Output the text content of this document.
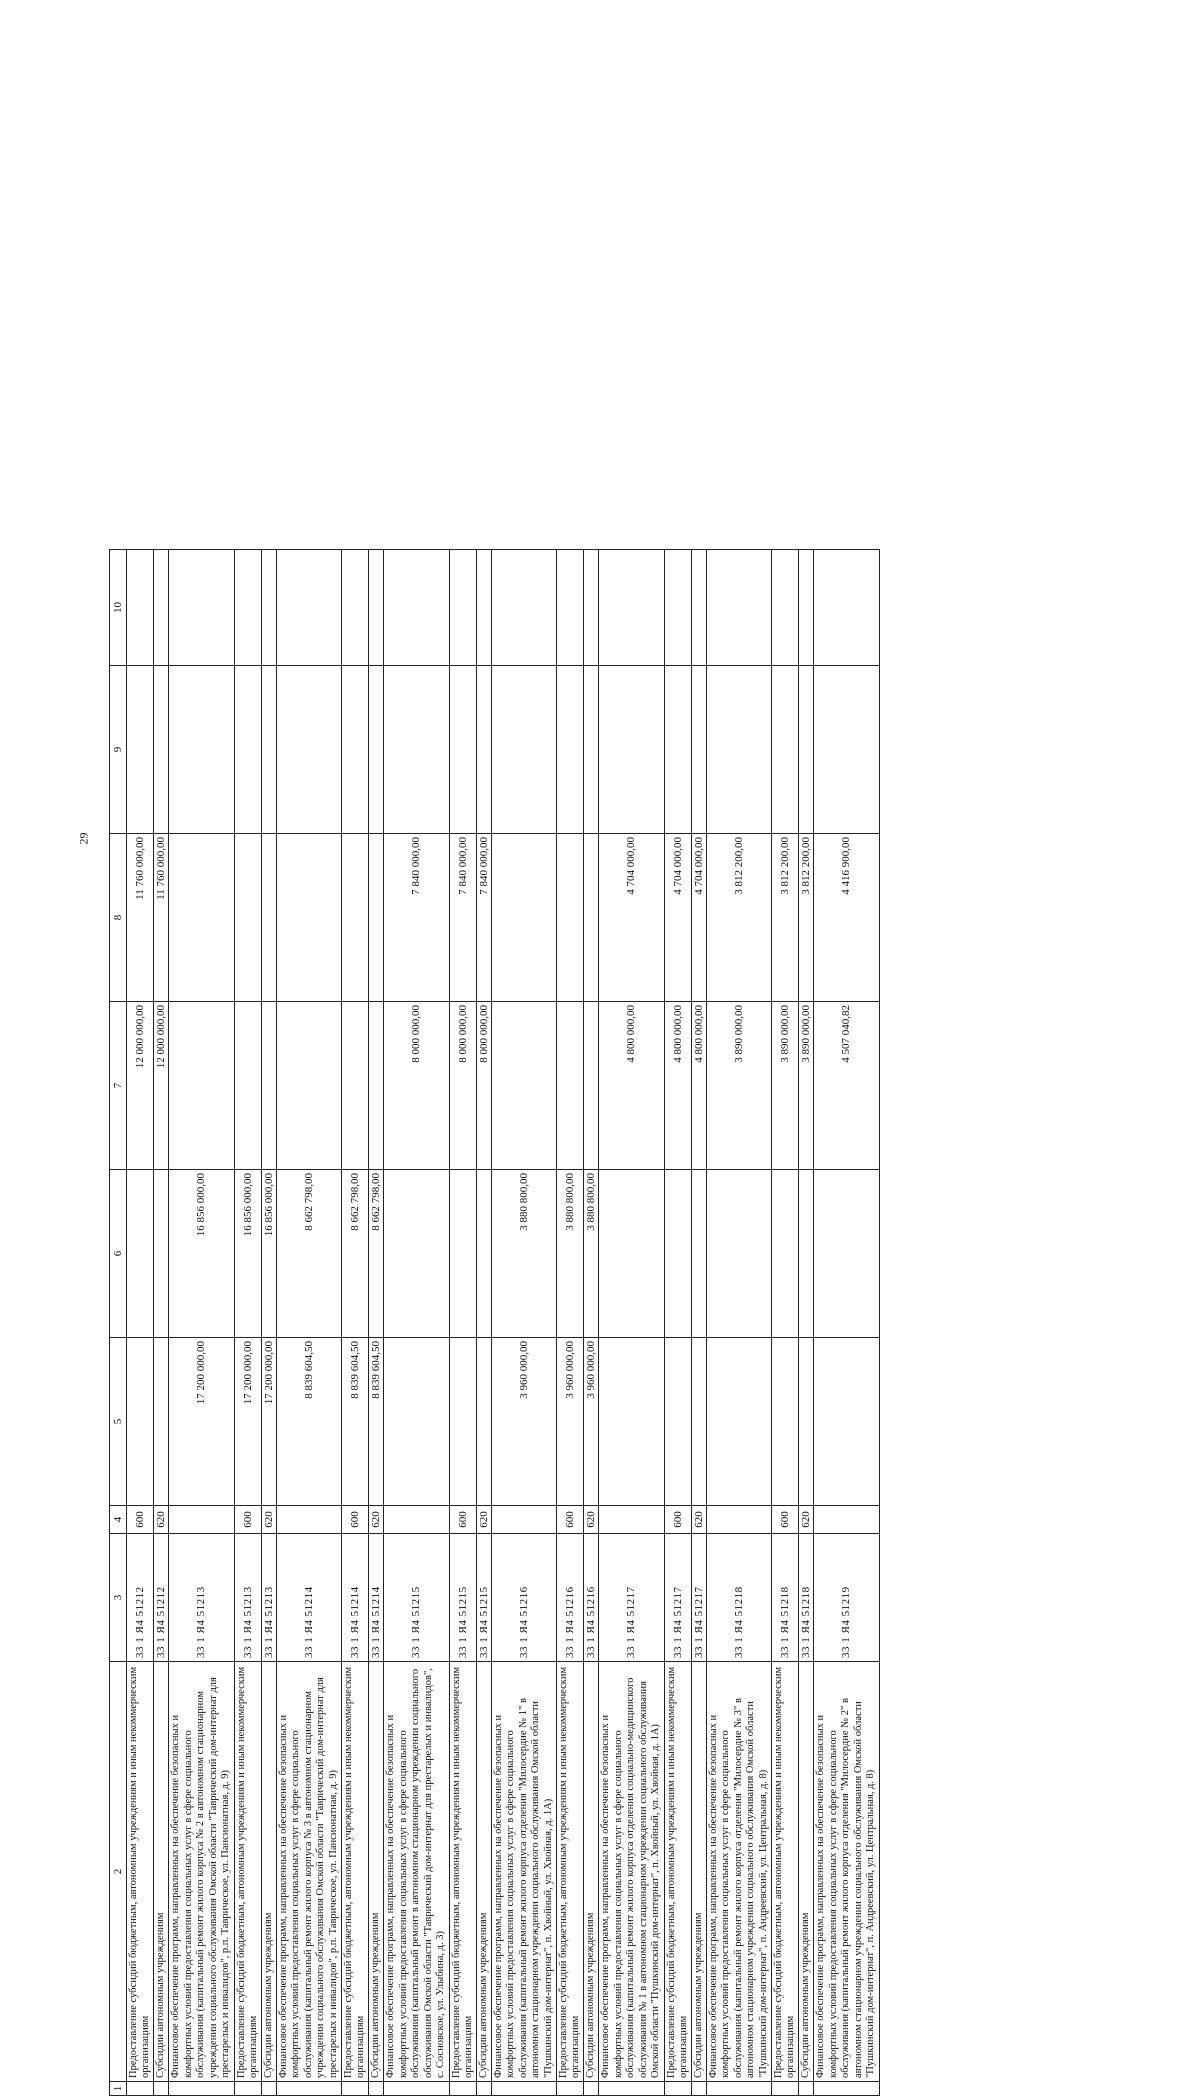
29
1	2	3	4	5	6	7	8	9	10
	Предоставление субсидий бюджетным, автономным учреждениям и иным некоммерческим организациям	33 1 Я4 51212	600			12 000 000,00	11 760 000,00		
	Субсидии автономным учреждениям	33 1 Я4 51212	620			12 000 000,00	11 760 000,00		
	Финансовое обеспечение программ, направленных на обеспечение безопасных и комфортных условий предоставления социальных услуг в сфере социального обслуживания (капитальный ремонт жилого корпуса № 2 в автономном стационарном учреждении социального обслуживания Омской области "Таврический дом-интернат для престарелых и инвалидов", р.п. Таврическое, ул. Пансионатная, д. 9)	33 1 Я4 51213		17 200 000,00	16 856 000,00				
	Предоставление субсидий бюджетным, автономным учреждениям и иным некоммерческим организациям	33 1 Я4 51213	600	17 200 000,00	16 856 000,00				
	Субсидии автономным учреждениям	33 1 Я4 51213	620	17 200 000,00	16 856 000,00				
	Финансовое обеспечение программ, направленных на обеспечение безопасных и комфортных условий предоставления социальных услуг в сфере социального обслуживания (капитальный ремонт жилого корпуса № 3 в автономном стационарном учреждении социального обслуживания Омской области "Таврический дом-интернат для престарелых и инвалидов", р.п. Таврическое, ул. Пансионатная, д. 9)	33 1 Я4 51214		8 839 604,50	8 662 798,00				
	Предоставление субсидий бюджетным, автономным учреждениям и иным некоммерческим организациям	33 1 Я4 51214	600	8 839 604,50	8 662 798,00				
	Субсидии автономным учреждениям	33 1 Я4 51214	620	8 839 604,50	8 662 798,00				
	Финансовое обеспечение программ, направленных на обеспечение безопасных и комфортных условий предоставления социальных услуг в сфере социального обслуживания (капитальный ремонт в автономном стационарном учреждении социального обслуживания Омской области "Таврический дом-интернат для престарелых и инвалидов", с. Сосновское, ул. Улыбина, д. 3)	33 1 Я4 51215				8 000 000,00	7 840 000,00		
	Предоставление субсидий бюджетным, автономным учреждениям и иным некоммерческим организациям	33 1 Я4 51215	600			8 000 000,00	7 840 000,00		
	Субсидии автономным учреждениям	33 1 Я4 51215	620			8 000 000,00	7 840 000,00		
	Финансовое обеспечение программ, направленных на обеспечение безопасных и комфортных условий предоставления социальных услуг в сфере социального обслуживания (капитальный ремонт жилого корпуса отделения "Милосердие № 1" в автономном стационарном учреждении социального обслуживания Омской области "Пушкинский дом-интернат", п. Хвойный, ул. Хвойная, д. 1А)	33 1 Я4 51216		3 960 000,00	3 880 800,00				
	Предоставление субсидий бюджетным, автономным учреждениям и иным некоммерческим организациям	33 1 Я4 51216	600	3 960 000,00	3 880 800,00				
	Субсидии автономным учреждениям	33 1 Я4 51216	620	3 960 000,00	3 880 800,00				
	Финансовое обеспечение программ, направленных на обеспечение безопасных и комфортных условий предоставления социальных услуг в сфере социального обслуживания (капитальный ремонт жилого корпуса отделения социально-медицинского обслуживания № 1 в автономном стационарном учреждении социального обслуживания Омской области "Пушкинский дом-интернат", п. Хвойный, ул. Хвойная, д. 1А)	33 1 Я4 51217				4 800 000,00	4 704 000,00		
	Предоставление субсидий бюджетным, автономным учреждениям и иным некоммерческим организациям	33 1 Я4 51217	600			4 800 000,00	4 704 000,00		
	Субсидии автономным учреждениям	33 1 Я4 51217	620			4 800 000,00	4 704 000,00		
	Финансовое обеспечение программ, направленных на обеспечение безопасных и комфортных условий предоставления социальных услуг в сфере социального обслуживания (капитальный ремонт жилого корпуса отделения "Милосердие № 3" в автономном стационарном учреждении социального обслуживания Омской области "Пушкинский дом-интернат", п. Андреевский, ул. Центральная, д. 8)	33 1 Я4 51218				3 890 000,00	3 812 200,00		
	Предоставление субсидий бюджетным, автономным учреждениям и иным некоммерческим организациям	33 1 Я4 51218	600			3 890 000,00	3 812 200,00		
	Субсидии автономным учреждениям	33 1 Я4 51218	620			3 890 000,00	3 812 200,00		
	Финансовое обеспечение программ, направленных на обеспечение безопасных и комфортных условий предоставления социальных услуг в сфере социального обслуживания (капитальный ремонт жилого корпуса отделения "Милосердие № 2" в автономном стационарном учреждении социального обслуживания Омской области "Пушкинский дом-интернат", п. Андреевский, ул. Центральная, д. 8)	33 1 Я4 51219				4 507 040,82	4 416 900,00		
